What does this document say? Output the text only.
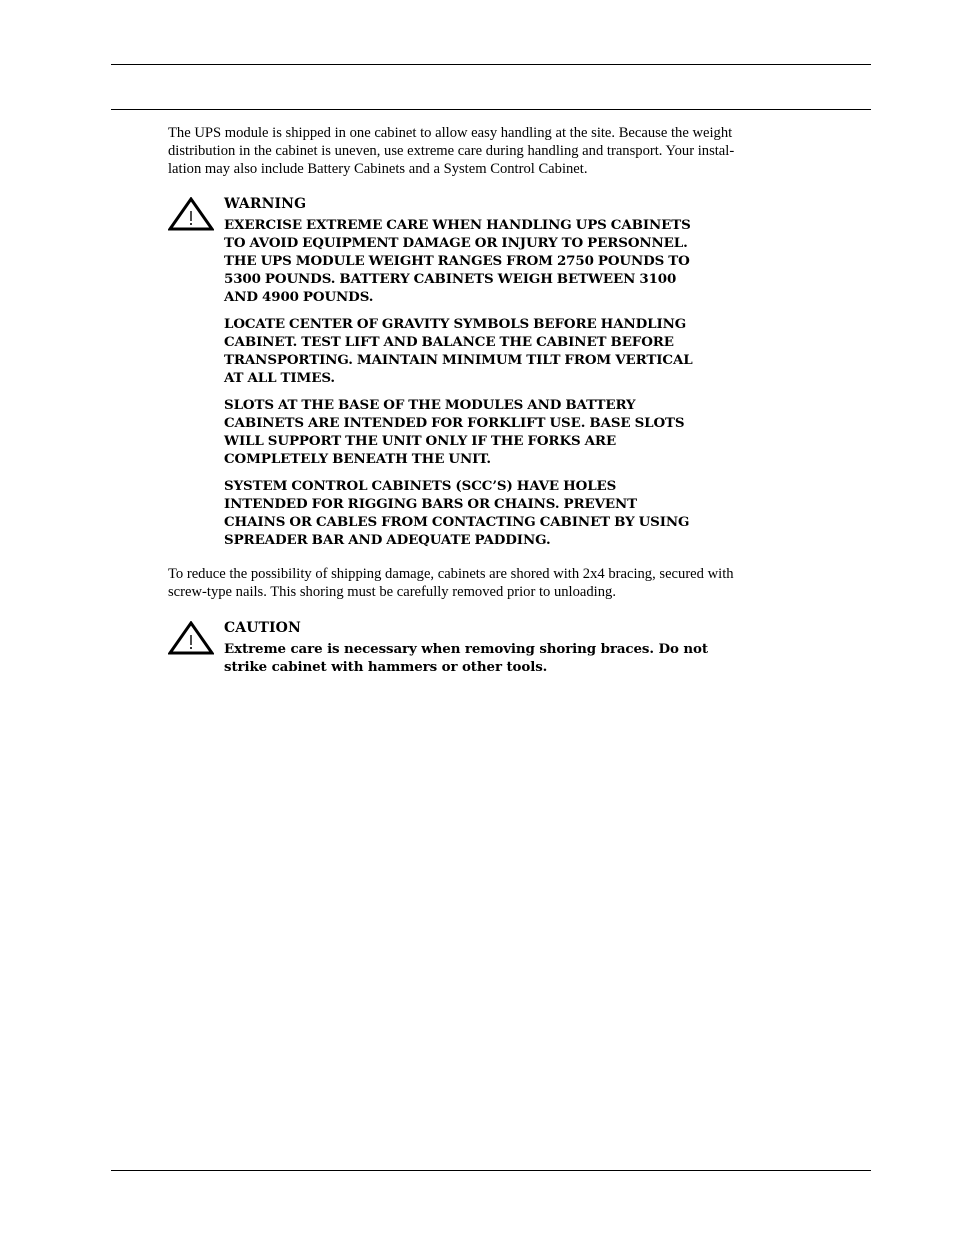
The UPS module is shipped in one cabinet to allow easy handling at the site. Because the weight
distribution in the cabinet is uneven, use extreme care during handling and transport. Your instal-
lation may also include Battery Cabinets and a System Control Cabinet.

WARNING

EXERCISE EXTREME CARE WHEN HANDLING UPS CABINETS
TO AVOID EQUIPMENT DAMAGE OR INJURY TO PERSONNEL.
THE UPS MODULE WEIGHT RANGES FROM 2750 POUNDS TO
5300 POUNDS. BATTERY CABINETS WEIGH BETWEEN 3100
AND 4900 POUNDS.

LOCATE CENTER OF GRAVITY SYMBOLS BEFORE HANDLING
CABINET. TEST LIFT AND BALANCE THE CABINET BEFORE
TRANSPORTING. MAINTAIN MINIMUM TILT FROM VERTICAL
AT ALL TIMES.

SLOTS AT THE BASE OF THE MODULES AND BATTERY
CABINETS ARE INTENDED FOR FORKLIFT USE. BASE SLOTS
WILL SUPPORT THE UNIT ONLY IF THE FORKS ARE
COMPLETELY BENEATH THE UNIT.

SYSTEM CONTROL CABINETS (SCC’S) HAVE HOLES
INTENDED FOR RIGGING BARS OR CHAINS. PREVENT
CHAINS OR CABLES FROM CONTACTING CABINET BY USING
SPREADER BAR AND ADEQUATE PADDING.

To reduce the possibility of shipping damage, cabinets are shored with 2x4 bracing, secured with
screw-type nails. This shoring must be carefully removed prior to unloading.

CAUTION

Extreme care is necessary when removing shoring braces. Do not
strike cabinet with hammers or other tools.
